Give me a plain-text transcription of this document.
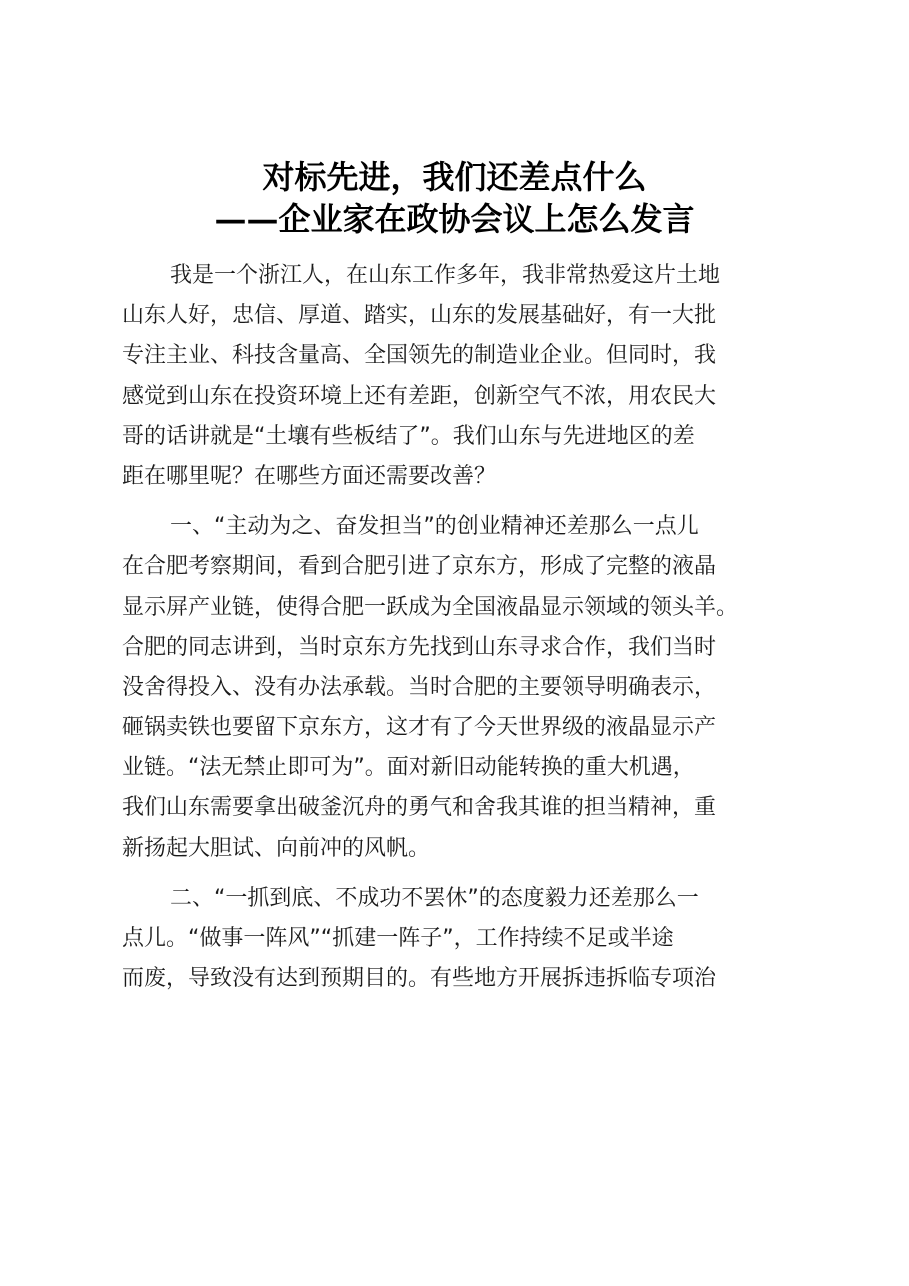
对标先进，我们还差点什么
——企业家在政协会议上怎么发言
我是一个浙江人，在山东工作多年，我非常热爱这片土地
山东人好，忠信、厚道、踏实，山东的发展基础好，有一大批
专注主业、科技含量高、全国领先的制造业企业。但同时，我
感觉到山东在投资环境上还有差距，创新空气不浓，用农民大
哥的话讲就是“土壤有些板结了”。我们山东与先进地区的差
距在哪里呢？在哪些方面还需要改善？
一、“主动为之、奋发担当”的创业精神还差那么一点儿
在合肥考察期间，看到合肥引进了京东方，形成了完整的液晶
显示屏产业链，使得合肥一跃成为全国液晶显示领域的领头羊。
合肥的同志讲到，当时京东方先找到山东寻求合作，我们当时
没舍得投入、没有办法承载。当时合肥的主要领导明确表示，
砸锅卖铁也要留下京东方，这才有了今天世界级的液晶显示产
业链。“法无禁止即可为”。面对新旧动能转换的重大机遇，
我们山东需要拿出破釜沉舟的勇气和舍我其谁的担当精神，重
新扬起大胆试、向前冲的风帆。
二、“一抓到底、不成功不罢休”的态度毅力还差那么一
点儿。“做事一阵风”“抓建一阵子”，工作持续不足或半途
而废，导致没有达到预期目的。有些地方开展拆违拆临专项治
